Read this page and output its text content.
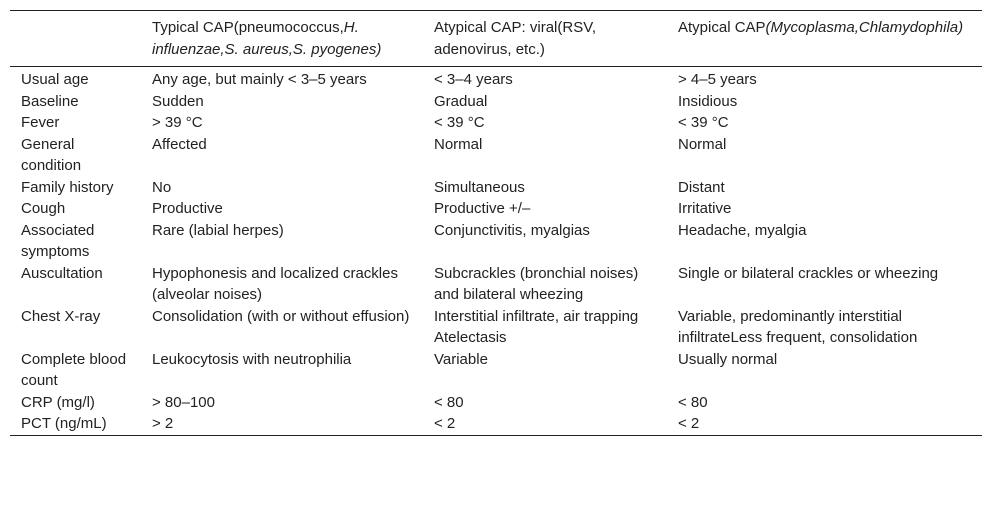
	Typical CAP(pneumococcus,H. influenzae,S. aureus,S. pyogenes)	Atypical CAP: viral(RSV, adenovirus, etc.)	Atypical CAP(Mycoplasma,Chlamydophila)
Usual age	Any age, but mainly < 3–5 years	< 3–4 years	> 4–5 years
Baseline	Sudden	Gradual	Insidious
Fever	> 39 °C	< 39 °C	< 39 °C
General condition	Affected	Normal	Normal
Family history	No	Simultaneous	Distant
Cough	Productive	Productive +/–	Irritative
Associated symptoms	Rare (labial herpes)	Conjunctivitis, myalgias	Headache, myalgia
Auscultation	Hypophonesis and localized crackles (alveolar noises)	Subcrackles (bronchial noises) and bilateral wheezing	Single or bilateral crackles or wheezing
Chest X-ray	Consolidation (with or without effusion)	Interstitial infiltrate, air trapping Atelectasis	Variable, predominantly interstitial infiltrateLess frequent, consolidation
Complete blood count	Leukocytosis with neutrophilia	Variable	Usually normal
CRP (mg/l)	> 80–100	< 80	< 80
PCT (ng/mL)	> 2	< 2	< 2
